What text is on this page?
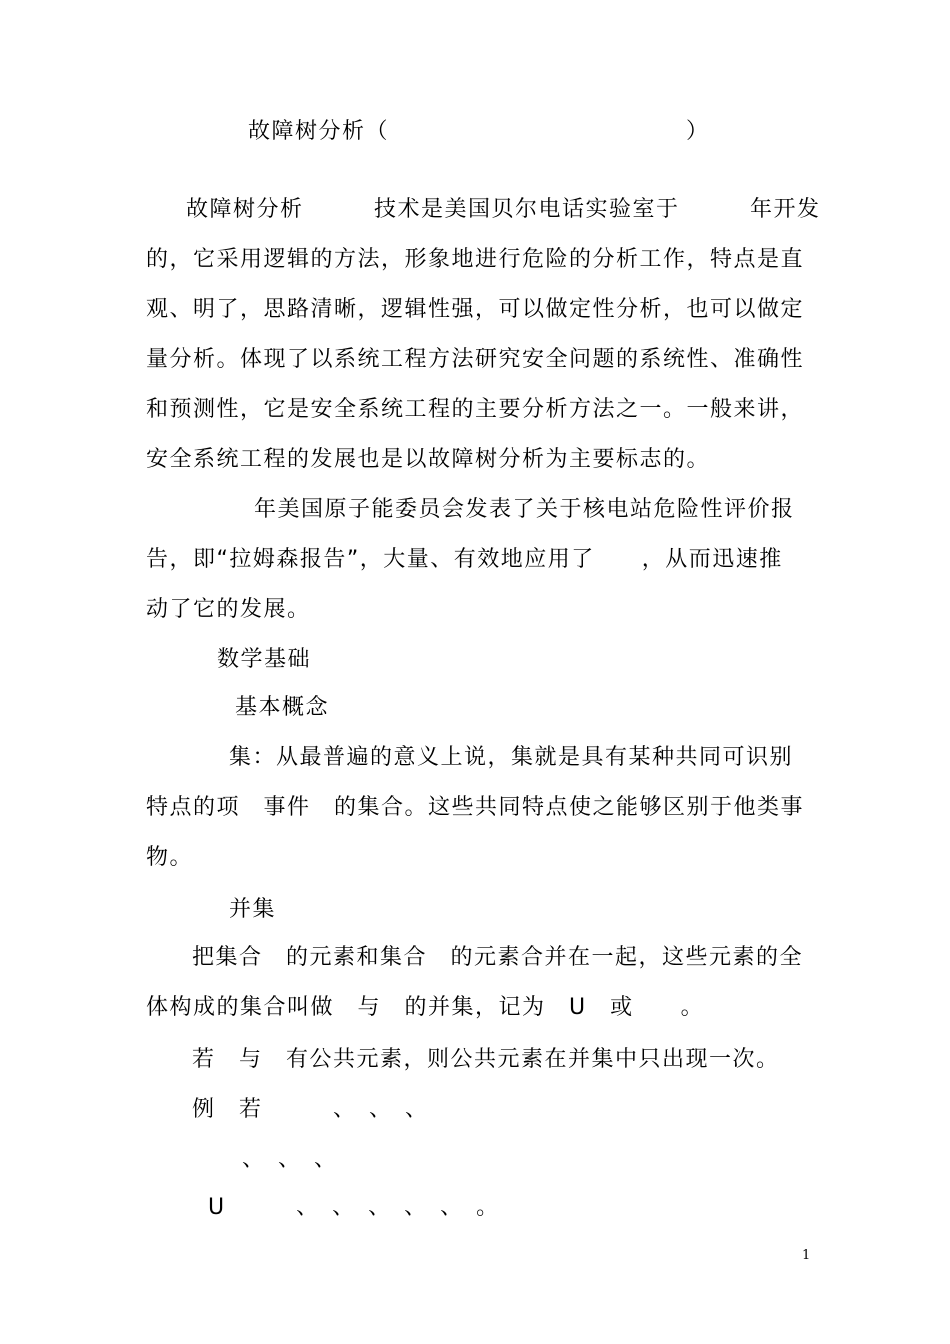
故障树分析（	）
故障树分析　　　技术是美国贝尔电话实验室于　　　年开发
的，它采用逻辑的方法，形象地进行危险的分析工作，特点是直
观、明了，思路清晰，逻辑性强，可以做定性分析，也可以做定
量分析。体现了以系统工程方法研究安全问题的系统性、准确性
和预测性，它是安全系统工程的主要分析方法之一。一般来讲，
安全系统工程的发展也是以故障树分析为主要标志的。
年美国原子能委员会发表了关于核电站危险性评价报
告，即“拉姆森报告”，大量、有效地应用了　　，从而迅速推
动了它的发展。
数学基础
基本概念
集：从最普遍的意义上说，集就是具有某种共同可识别
特点的项　事件　的集合。这些共同特点使之能够区别于他类事
物。
并集
把集合　的元素和集合　的元素合并在一起，这些元素的全
体构成的集合叫做　与　的并集，记为　U　或　　。
若　与　有公共元素，则公共元素在并集中只出现一次。
例　若　　　、　、　、
、　、　、
U　　　、　、　、　、　、　。
1
